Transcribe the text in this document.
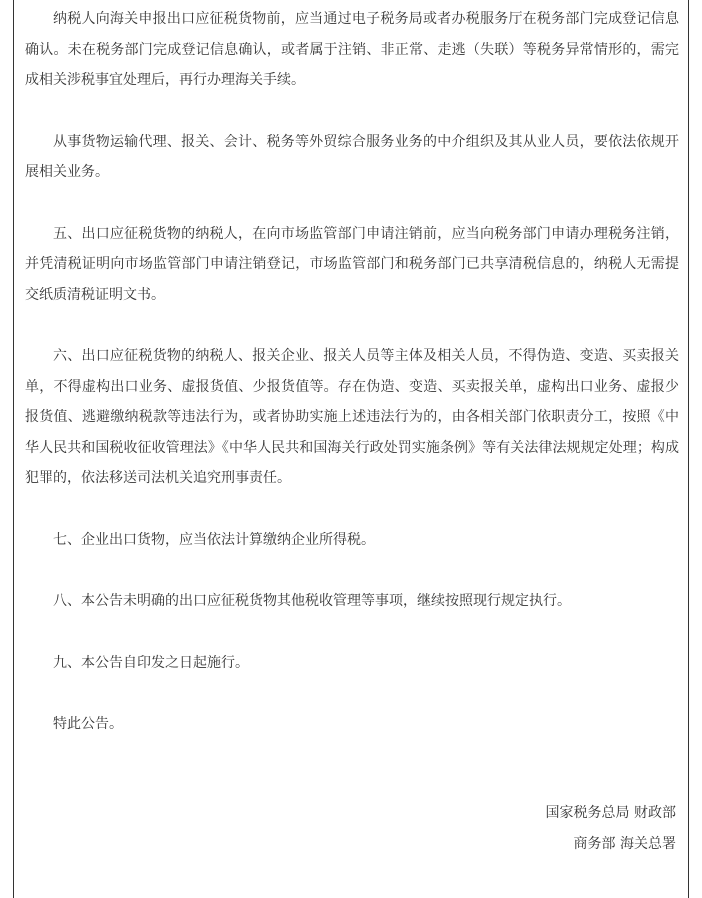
纳税人向海关申报出口应征税货物前，应当通过电子税务局或者办税服务厅在税务部门完成登记信息确认。未在税务部门完成登记信息确认，或者属于注销、非正常、走逃（失联）等税务异常情形的，需完成相关涉税事宜处理后，再行办理海关手续。

从事货物运输代理、报关、会计、税务等外贸综合服务业务的中介组织及其从业人员，要依法依规开展相关业务。

五、出口应征税货物的纳税人，在向市场监管部门申请注销前，应当向税务部门申请办理税务注销，并凭清税证明向市场监管部门申请注销登记，市场监管部门和税务部门已共享清税信息的，纳税人无需提交纸质清税证明文书。

六、出口应征税货物的纳税人、报关企业、报关人员等主体及相关人员，不得伪造、变造、买卖报关单，不得虚构出口业务、虚报货值、少报货值等。存在伪造、变造、买卖报关单，虚构出口业务、虚报少报货值、逃避缴纳税款等违法行为，或者协助实施上述违法行为的，由各相关部门依职责分工，按照《中华人民共和国税收征收管理法》《中华人民共和国海关行政处罚实施条例》等有关法律法规规定处理；构成犯罪的，依法移送司法机关追究刑事责任。

七、企业出口货物，应当依法计算缴纳企业所得税。

八、本公告未明确的出口应征税货物其他税收管理等事项，继续按照现行规定执行。

九、本公告自印发之日起施行。

特此公告。

国家税务总局 财政部

商务部 海关总署
